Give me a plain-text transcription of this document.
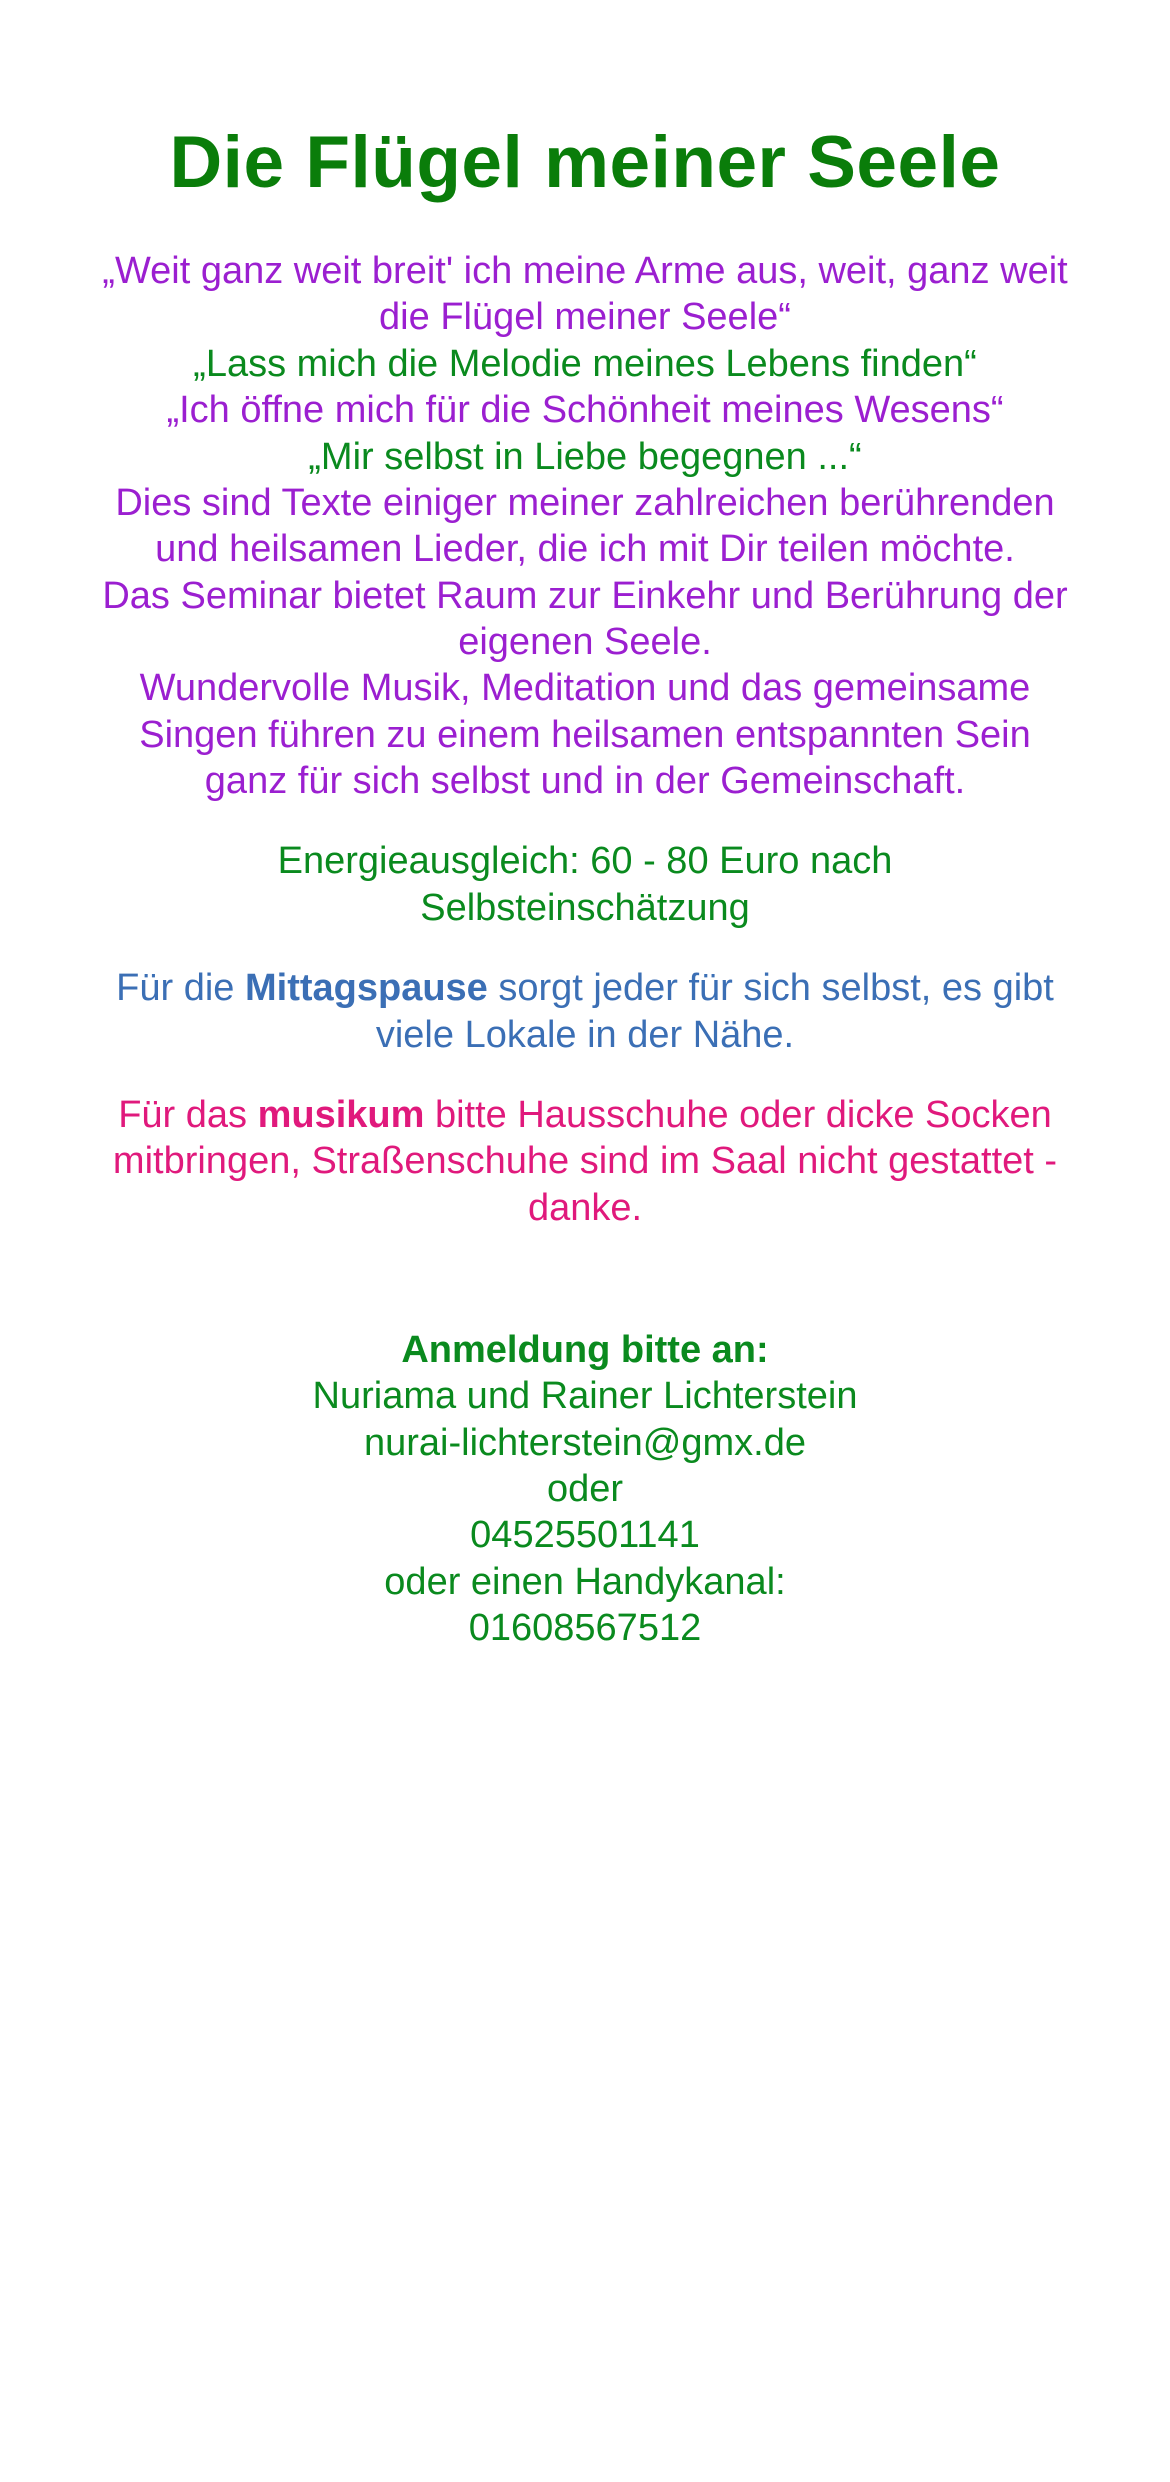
Die Flügel meiner Seele

„Weit ganz weit breit' ich meine Arme aus, weit, ganz weit die Flügel meiner Seele“

„Lass mich die Melodie meines Lebens finden“

„Ich öffne mich für die Schönheit meines Wesens“

„Mir selbst in Liebe begegnen ...“

Dies sind Texte einiger meiner zahlreichen berührenden und heilsamen Lieder, die ich mit Dir teilen möchte.

Das Seminar bietet Raum zur Einkehr und Berührung der eigenen Seele.

Wundervolle Musik, Meditation und das gemeinsame Singen führen zu einem heilsamen entspannten Sein ganz für sich selbst und in der Gemeinschaft.

Energieausgleich: 60 - 80 Euro nach
Selbsteinschätzung

Für die Mittagspause sorgt jeder für sich selbst, es gibt viele Lokale in der Nähe.

Für das musikum bitte Hausschuhe oder dicke Socken mitbringen, Straßenschuhe sind im Saal nicht gestattet - danke.

Anmeldung bitte an:
Nuriama und Rainer Lichterstein
nurai-lichterstein@gmx.de
oder
04525501141
oder einen Handykanal:
01608567512
